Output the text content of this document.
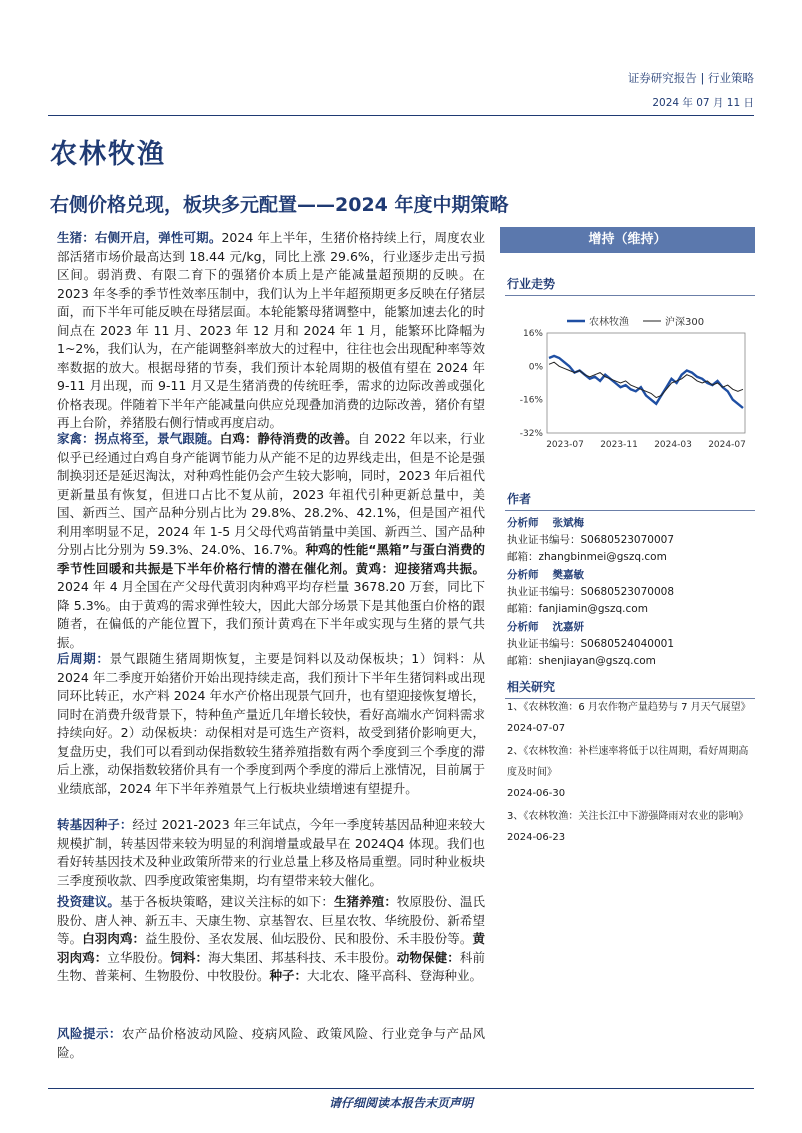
证券研究报告 | 行业策略
2024 年 07 月 11 日
农林牧渔
右侧价格兑现，板块多元配置——2024 年度中期策略
增持（维持）
行业走势
16%
0%
-16%
-32%
2023-07 2023-11 2024-03 2024-07
农林牧渔	沪深300
作者
分析师 张斌梅
执业证书编号：S0680523070007
邮箱：zhangbinmei@gszq.com
分析师 樊嘉敏
执业证书编号：S0680523070008
邮箱：fanjiamin@gszq.com
分析师 沈嘉妍
执业证书编号：S0680524040001
邮箱：shenjiayan@gszq.com
相关研究
1、《农林牧渔：6 月农作物产量趋势与 7 月天气展望》
2024-07-07
2、《农林牧渔：补栏速率将低于以往周期，看好周期高度及时间》
2024-06-30
3、《农林牧渔：关注长江中下游强降雨对农业的影响》
2024-06-23
生猪：右侧开启，弹性可期。2024 年上半年，生猪价格持续上行，周度农业部活猪市场价最高达到 18.44 元/kg，同比上涨 29.6%，行业逐步走出亏损区间。弱消费、有限二育下的强猪价本质上是产能减量超预期的反映。在 2023 年冬季的季节性效率压制中，我们认为上半年超预期更多反映在仔猪层面，而下半年可能反映在母猪层面。本轮能繁母猪调整中，能繁加速去化的时间点在 2023 年 11 月、2023 年 12 月和 2024 年 1 月，能繁环比降幅为 1~2%，我们认为，在产能调整斜率放大的过程中，往往也会出现配种率等效率数据的放大。根据母猪的节奏，我们预计本轮周期的极值有望在 2024 年 9-11 月出现，而 9-11 月又是生猪消费的传统旺季，需求的边际改善或强化价格表现。伴随着下半年产能减量向供应兑现叠加消费的边际改善，猪价有望再上台阶，养猪股右侧行情或再度启动。
家禽：拐点将至，景气跟随。白鸡：静待消费的改善。自 2022 年以来，行业似乎已经通过白鸡自身产能调节能力从产能不足的边界线走出，但是不论是强制换羽还是延迟淘汰，对种鸡性能仍会产生较大影响，同时，2023 年后祖代更新量虽有恢复，但进口占比不复从前，2023 年祖代引种更新总量中，美国、新西兰、国产品种分别占比为 29.8%、28.2%、42.1%，但是国产祖代利用率明显不足，2024 年 1-5 月父母代鸡苗销量中美国、新西兰、国产品种分别占比分别为 59.3%、24.0%、16.7%。种鸡的性能“黑箱”与蛋白消费的季节性回暖和共振是下半年价格行情的潜在催化剂。黄鸡：迎接猪鸡共振。2024 年 4 月全国在产父母代黄羽肉种鸡平均存栏量 3678.20 万套，同比下降 5.3%。由于黄鸡的需求弹性较大，因此大部分场景下是其他蛋白价格的跟随者，在偏低的产能位置下，我们预计黄鸡在下半年或实现与生猪的景气共振。
后周期：景气跟随生猪周期恢复，主要是饲料以及动保板块；1）饲料：从 2024 年二季度开始猪价开始出现持续走高，我们预计下半年生猪饲料或出现同环比转正，水产料 2024 年水产价格出现景气回升，也有望迎接恢复增长，同时在消费升级背景下，特种鱼产量近几年增长较快，看好高端水产饲料需求持续向好。2）动保板块：动保相对是可选生产资料，故受到猪价影响更大，复盘历史，我们可以看到动保指数较生猪养殖指数有两个季度到三个季度的滞后上涨，动保指数较猪价具有一个季度到两个季度的滞后上涨情况，目前属于业绩底部，2024 年下半年养殖景气上行板块业绩增速有望提升。
转基因种子：经过 2021-2023 年三年试点，今年一季度转基因品种迎来较大规模扩制，转基因带来较为明显的利润增量或最早在 2024Q4 体现。我们也看好转基因技术及种业政策所带来的行业总量上移及格局重塑。同时种业板块三季度预收款、四季度政策密集期，均有望带来较大催化。
投资建议。基于各板块策略，建议关注标的如下：生猪养殖：牧原股份、温氏股份、唐人神、新五丰、天康生物、京基智农、巨星农牧、华统股份、新希望等。白羽肉鸡：益生股份、圣农发展、仙坛股份、民和股份、禾丰股份等。黄羽肉鸡：立华股份。饲料：海大集团、邦基科技、禾丰股份。动物保健：科前生物、普莱柯、生物股份、中牧股份。种子：大北农、隆平高科、登海种业。
风险提示：农产品价格波动风险、疫病风险、政策风险、行业竞争与产品风险。
请仔细阅读本报告末页声明
